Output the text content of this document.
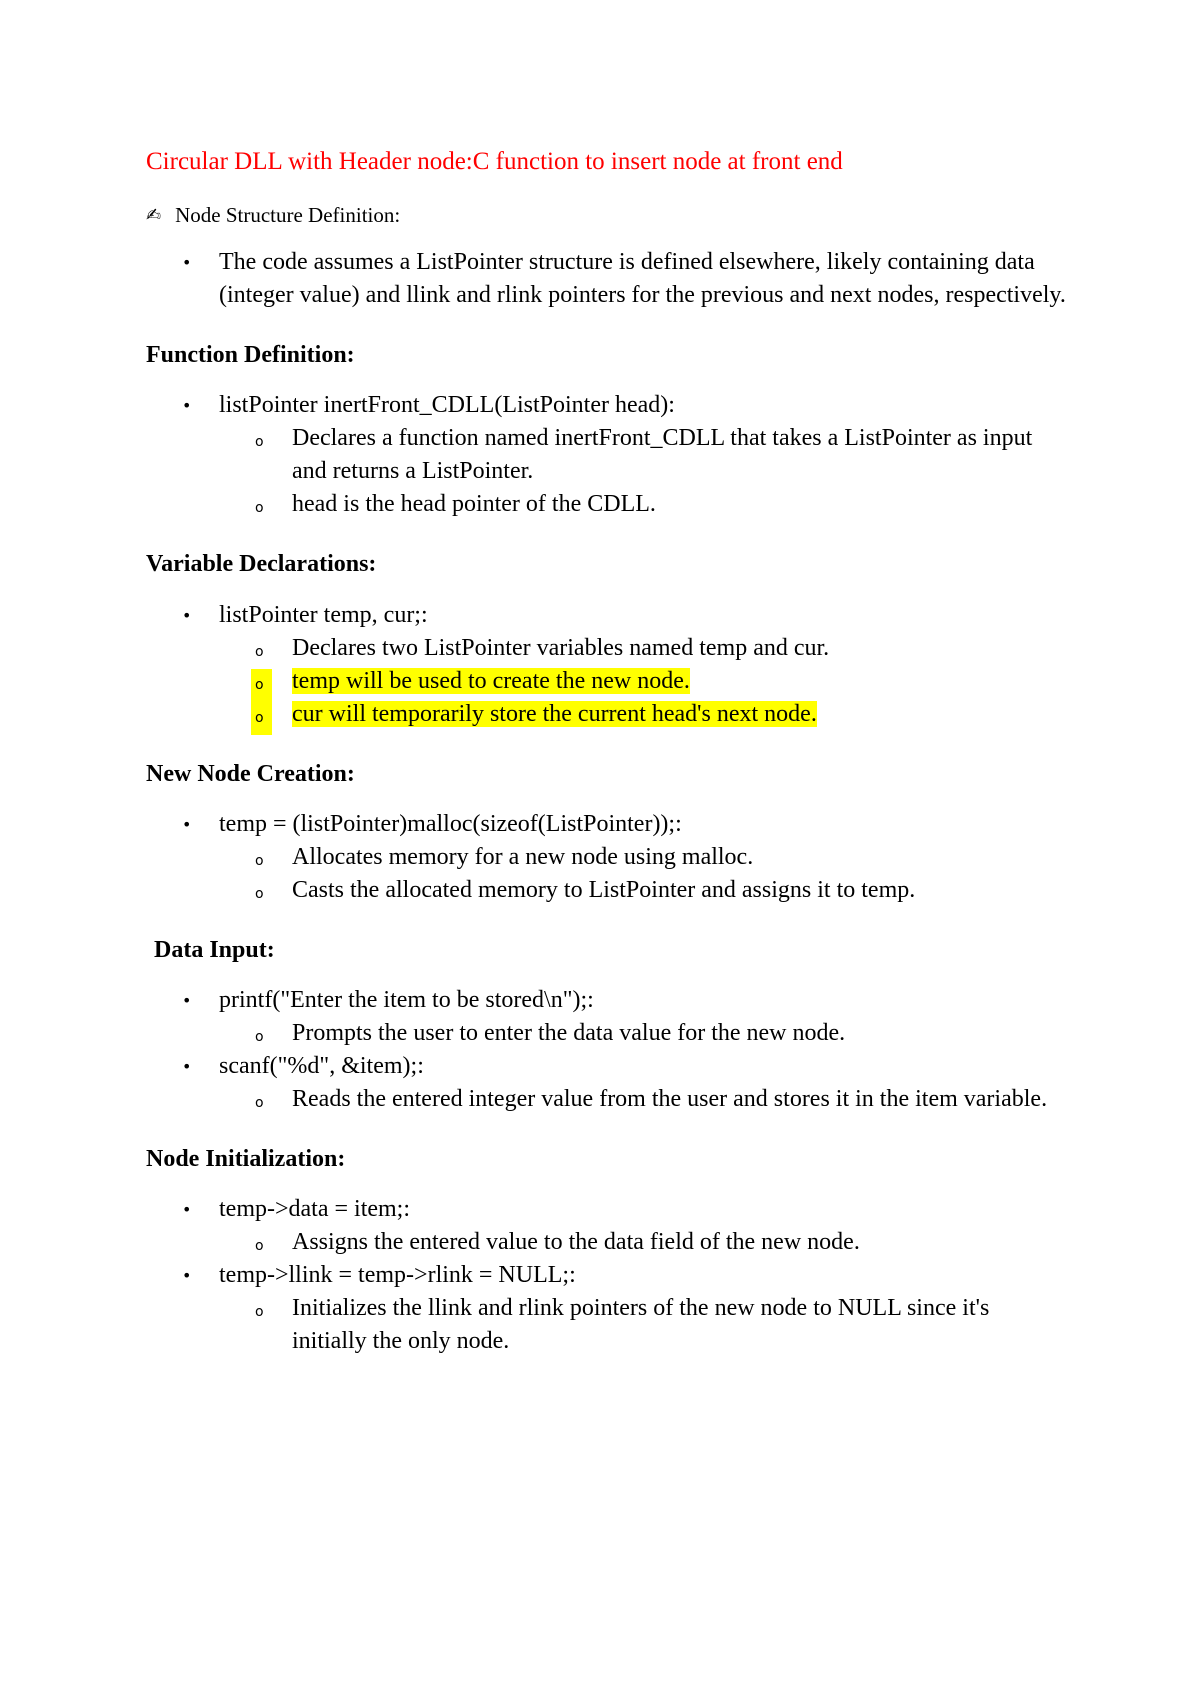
Circular DLL with Header node:C function to insert node at front end
✍ Node Structure Definition:
• The code assumes a ListPointer structure is defined elsewhere, likely containing data (integer value) and llink and rlink pointers for the previous and next nodes, respectively.
Function Definition:
• listPointer inertFront_CDLL(ListPointer head):
o Declares a function named inertFront_CDLL that takes a ListPointer as input and returns a ListPointer.
o head is the head pointer of the CDLL.
Variable Declarations:
• listPointer temp, cur;:
o Declares two ListPointer variables named temp and cur.
o	temp will be used to create the new node.
o	cur will temporarily store the current head's next node.
New Node Creation:
• temp = (listPointer)malloc(sizeof(ListPointer));:
o Allocates memory for a new node using malloc.
o Casts the allocated memory to ListPointer and assigns it to temp.
Data Input:
• printf("Enter the item to be stored\n");:
o Prompts the user to enter the data value for the new node.
• scanf("%d", &item);:
o Reads the entered integer value from the user and stores it in the item variable.
Node Initialization:
• temp->data = item;:
o Assigns the entered value to the data field of the new node.
• temp->llink = temp->rlink = NULL;:
o Initializes the llink and rlink pointers of the new node to NULL since it's initially the only node.
